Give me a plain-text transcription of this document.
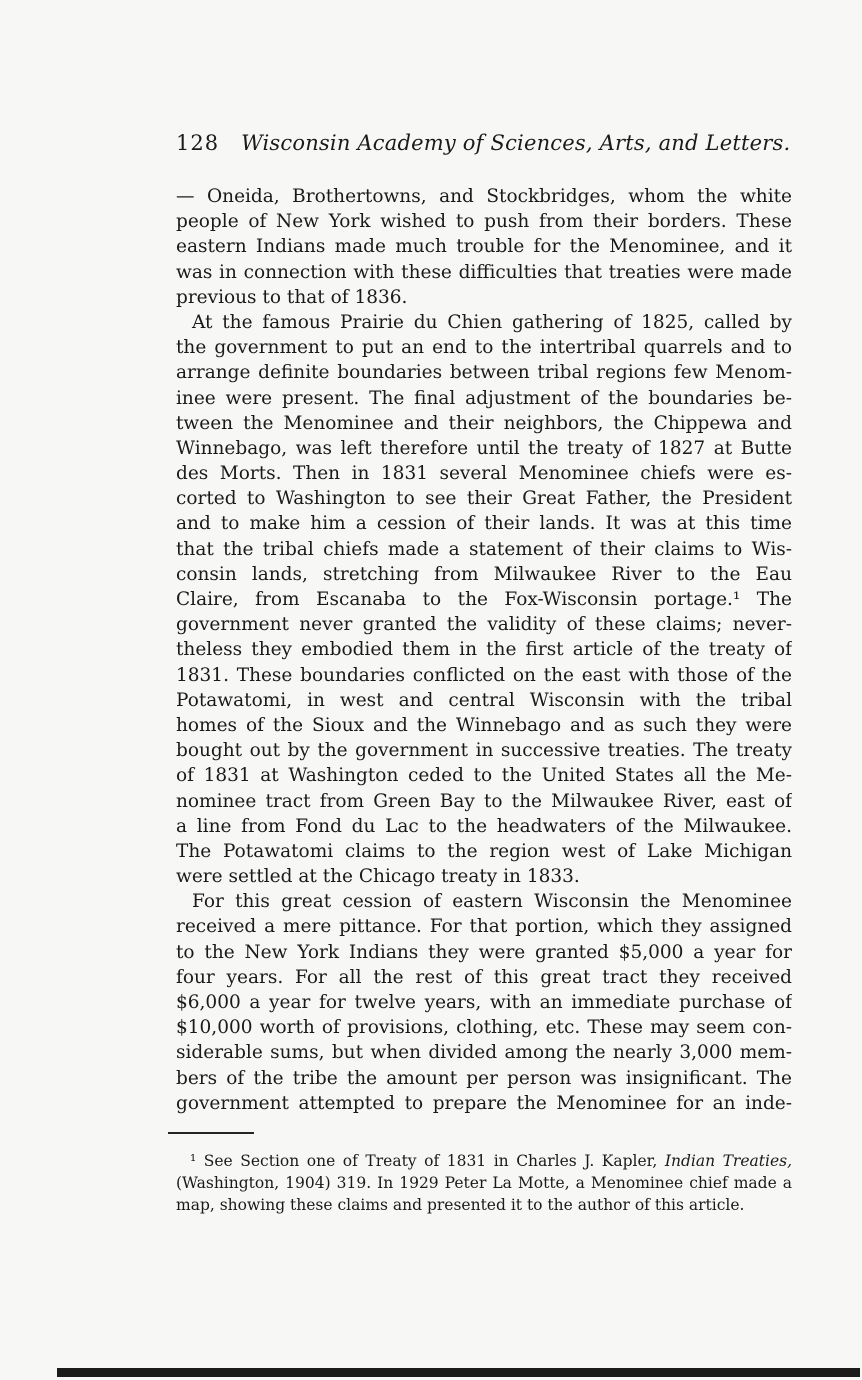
128 Wisconsin Academy of Sciences, Arts, and Letters.
— Oneida, Brothertowns, and Stockbridges, whom the white
people of New York wished to push from their borders. These
eastern Indians made much trouble for the Menominee, and it
was in connection with these difficulties that treaties were made
previous to that of 1836.
At the famous Prairie du Chien gathering of 1825, called by
the government to put an end to the intertribal quarrels and to
arrange definite boundaries between tribal regions few Menom-
inee were present. The final adjustment of the boundaries be-
tween the Menominee and their neighbors, the Chippewa and
Winnebago, was left therefore until the treaty of 1827 at Butte
des Morts. Then in 1831 several Menominee chiefs were es-
corted to Washington to see their Great Father, the President
and to make him a cession of their lands. It was at this time
that the tribal chiefs made a statement of their claims to Wis-
consin lands, stretching from Milwaukee River to the Eau
Claire, from Escanaba to the Fox-Wisconsin portage.¹ The
government never granted the validity of these claims; never-
theless they embodied them in the first article of the treaty of
1831. These boundaries conflicted on the east with those of the
Potawatomi, in west and central Wisconsin with the tribal
homes of the Sioux and the Winnebago and as such they were
bought out by the government in successive treaties. The treaty
of 1831 at Washington ceded to the United States all the Me-
nominee tract from Green Bay to the Milwaukee River, east of
a line from Fond du Lac to the headwaters of the Milwaukee.
The Potawatomi claims to the region west of Lake Michigan
were settled at the Chicago treaty in 1833.
For this great cession of eastern Wisconsin the Menominee
received a mere pittance. For that portion, which they assigned
to the New York Indians they were granted $5,000 a year for
four years. For all the rest of this great tract they received
$6,000 a year for twelve years, with an immediate purchase of
$10,000 worth of provisions, clothing, etc. These may seem con-
siderable sums, but when divided among the nearly 3,000 mem-
bers of the tribe the amount per person was insignificant. The
government attempted to prepare the Menominee for an inde-
¹ See Section one of Treaty of 1831 in Charles J. Kapler, Indian Treaties,
(Washington, 1904) 319. In 1929 Peter La Motte, a Menominee chief made a
map, showing these claims and presented it to the author of this article.
